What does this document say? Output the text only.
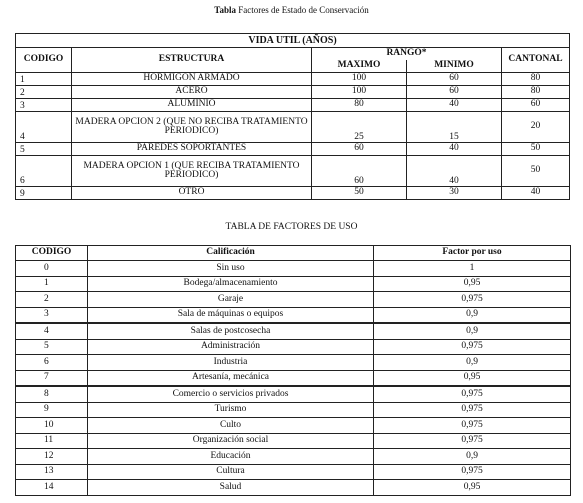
Tabla Factores de Estado de Conservación
VIDA UTIL (AÑOS)				
CODIGO	ESTRUCTURA	RANGO*		CANTONAL
		MAXIMO	MINIMO	
1	HORMIGON ARMADO	100	60	80
2	ACERO	100	60	80
3	ALUMINIO	80	40	60
4	MADERA OPCION 2 (QUE NO RECIBA TRATAMIENTO PERIODICO)	25	15	20
5	PAREDES SOPORTANTES	60	40	50
6	MADERA OPCION 1 (QUE RECIBA TRATAMIENTO PERIODICO)	60	40	50
9	OTRO	50	30	40
TABLA DE FACTORES DE USO
CODIGO	Calificación	Factor por uso
0	Sin uso	1
1	Bodega/almacenamiento	0,95
2	Garaje	0,975
3	Sala de máquinas o equipos	0,9
4	Salas de postcosecha	0,9
5	Administración	0,975
6	Industria	0,9
7	Artesanía, mecánica	0,95
8	Comercio o servicios privados	0,975
9	Turismo	0,975
10	Culto	0,975
11	Organización social	0,975
12	Educación	0,9
13	Cultura	0,975
14	Salud	0,95
